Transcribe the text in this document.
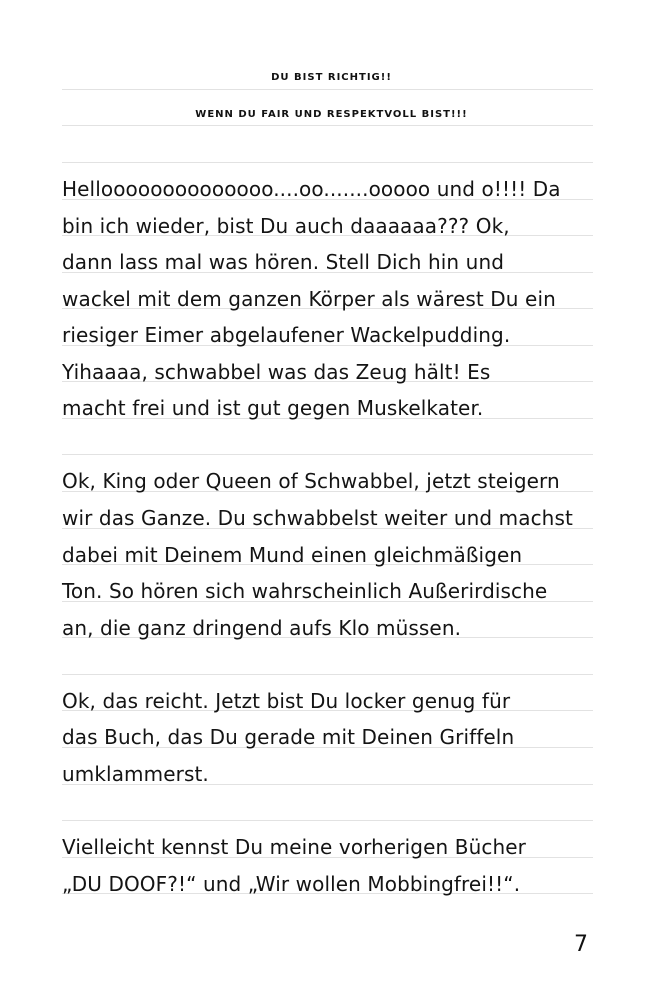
DU BIST RICHTIG!!
WENN DU FAIR UND RESPEKTVOLL BIST!!!
Helloooooooooooooo....oo.......ooooo und o!!!! Da
bin ich wieder, bist Du auch daaaaaa??? Ok,
dann lass mal was hören. Stell Dich hin und
wackel mit dem ganzen Körper als wärest Du ein
riesiger Eimer abgelaufener Wackelpudding.
Yihaaaa, schwabbel was das Zeug hält! Es
macht frei und ist gut gegen Muskelkater.
Ok, King oder Queen of Schwabbel, jetzt steigern
wir das Ganze. Du schwabbelst weiter und machst
dabei mit Deinem Mund einen gleichmäßigen
Ton. So hören sich wahrscheinlich Außerirdische
an, die ganz dringend aufs Klo müssen.
Ok, das reicht. Jetzt bist Du locker genug für
das Buch, das Du gerade mit Deinen Griffeln
umklammerst.
Vielleicht kennst Du meine vorherigen Bücher
„DU DOOF?!“ und „Wir wollen Mobbingfrei!!“.
7
